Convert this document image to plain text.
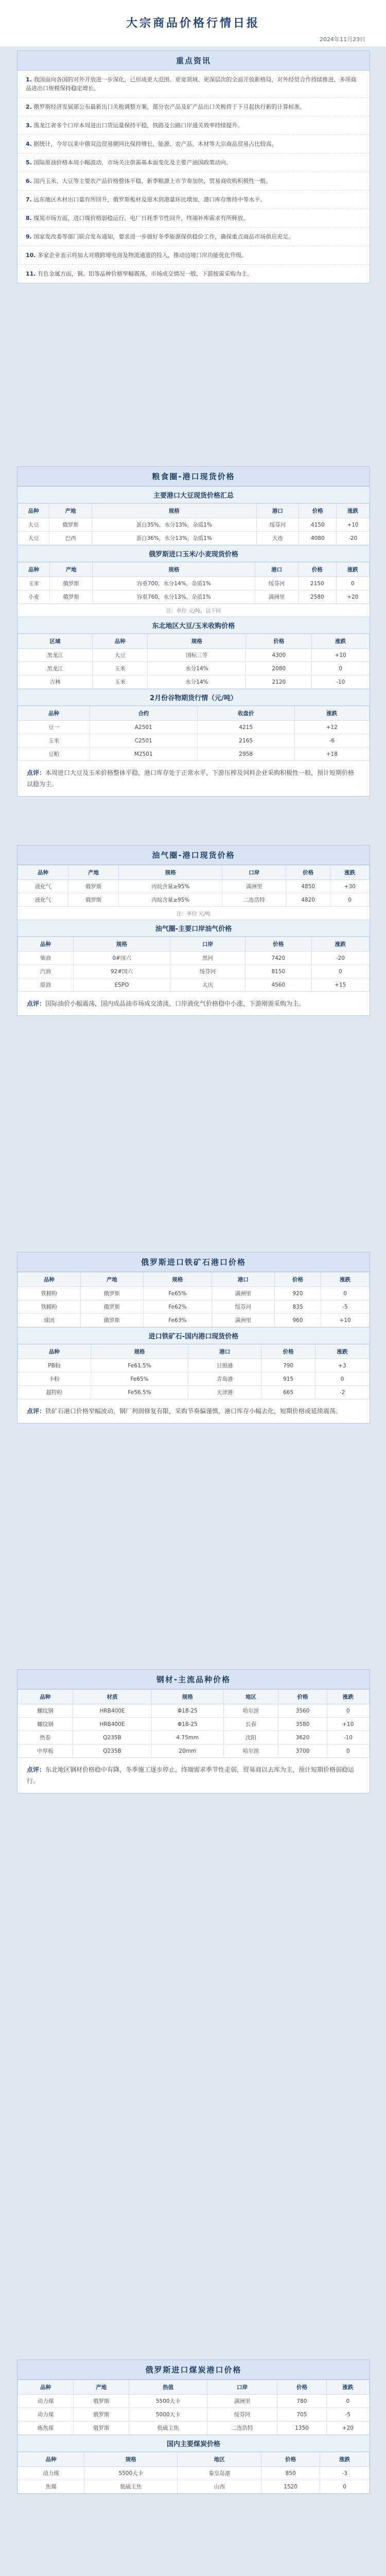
大宗商品价格行情日报
2024年11月23日
重点资讯
1. 我国面向各国的对外开放进一步深化，已形成更大范围、更宽领域、更深层次的全面开放新格局，对外经贸合作持续推进，多项商品进出口规模保持稳定增长。
2. 俄罗斯经济发展部公布最新出口关税调整方案，部分农产品及矿产品出口关税将于下月起执行新的计算标准。
3. 黑龙江省多个口岸本周进出口货运量保持平稳，铁路及公路口岸通关效率持续提升。
4. 据统计，今年以来中俄双边贸易额同比保持增长，能源、农产品、木材等大宗商品贸易占比较高。
5. 国际原油价格本周小幅波动，市场关注供需基本面变化及主要产油国政策动向。
6. 国内玉米、大豆等主要农产品价格整体平稳，新季粮源上市节奏加快，贸易商收购积极性一般。
7. 远东地区木材出口量有所回升，俄罗斯板材及原木到港量环比增加，港口库存维持中等水平。
8. 煤炭市场方面，进口煤价格弱稳运行，电厂日耗季节性回升，终端补库需求有所释放。
9. 国家发改委等部门联合发布通知，要求进一步做好冬季能源保供稳价工作，确保重点商品市场供应充足。
10. 多家企业表示将加大对俄跨境电商及物流通道的投入，推动边境口岸功能优化升级。
11. 有色金属方面，铜、铝等品种价格窄幅震荡，市场成交情况一般，下游按需采购为主。
粮食圈-港口现货价格
主要港口大豆现货价格汇总
品种	产地	规格	港口	价格	涨跌
大豆	俄罗斯	蛋白35%，水分13%，杂质1%	绥芬河	4150	+10
大豆	巴西	蛋白36%，水分13%，杂质1%	大连	4080	-20
俄罗斯进口玉米/小麦现货价格
品种	产地	规格	港口	价格	涨跌
玉米	俄罗斯	容重700，水分14%，杂质1%	绥芬河	2150	0
小麦	俄罗斯	容重760，水分13%，杂质1%	满洲里	2580	+20
注：单位 元/吨，以下同
东北地区大豆/玉米收购价格
区域	品种	规格	价格	涨跌
黑龙江	大豆	国标三等	4300	+10
黑龙江	玉米	水分14%	2080	0
吉林	玉米	水分14%	2120	-10
2月份谷物期货行情（元/吨）
品种	合约	收盘价	涨跌
豆一	A2501	4215	+12
玉米	C2501	2165	-6
豆粕	M2501	2958	+18
点评：本周进口大豆及玉米价格整体平稳，港口库存处于正常水平，下游压榨及饲料企业采购积极性一般，预计短期价格以稳为主。
油气圈-港口现货价格
品种	产地	规格	口岸	价格	涨跌
液化气	俄罗斯	丙烷含量≥95%	满洲里	4850	+30
液化气	俄罗斯	丙烷含量≥95%	二连浩特	4820	0
注：单位 元/吨
油气圈-主要口岸油气价格
品种	规格	口岸	价格	涨跌
柴油	0#国六	黑河	7420	-20
汽油	92#国六	绥芬河	8150	0
原油	ESPO	大庆	4560	+15
点评：国际油价小幅震荡，国内成品油市场成交清淡，口岸液化气价格稳中小涨，下游刚需采购为主。
俄罗斯进口铁矿石港口价格
品种	产地	规格	港口	价格	涨跌
铁精粉	俄罗斯	Fe65%	满洲里	920	0
铁精粉	俄罗斯	Fe62%	绥芬河	835	-5
球团	俄罗斯	Fe63%	满洲里	960	+10
进口铁矿石-国内港口现货价格
品种	规格	港口	价格	涨跌
PB粉	Fe61.5%	日照港	790	+3
卡粉	Fe65%	青岛港	915	0
超特粉	Fe56.5%	天津港	665	-2
点评：铁矿石港口价格窄幅波动，钢厂利润修复有限，采购节奏偏谨慎，港口库存小幅去化，短期价格或延续震荡。
钢材-主流品种价格
品种	材质	规格	地区	价格	涨跌
螺纹钢	HRB400E	Φ18-25	哈尔滨	3560	0
螺纹钢	HRB400E	Φ18-25	长春	3580	+10
热卷	Q235B	4.75mm	沈阳	3620	-10
中厚板	Q235B	20mm	哈尔滨	3700	0
点评：东北地区钢材价格稳中有降，冬季施工逐步停止，终端需求季节性走弱，贸易商以去库为主，预计短期价格弱稳运行。
俄罗斯进口煤炭港口价格
品种	产地	热值	口岸	价格	涨跌
动力煤	俄罗斯	5500大卡	满洲里	780	0
动力煤	俄罗斯	5000大卡	绥芬河	705	-5
炼焦煤	俄罗斯	低硫主焦	二连浩特	1350	+20
国内主要煤炭价格
品种	规格	地区	价格	涨跌
动力煤	5500大卡	秦皇岛港	850	-3
焦煤	低硫主焦	山西	1520	0
